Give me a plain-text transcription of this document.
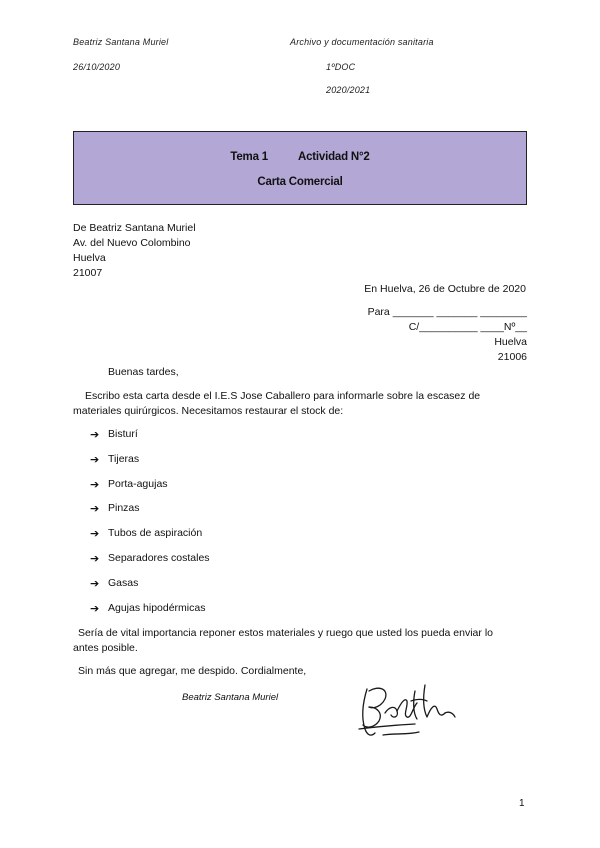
Beatriz Santana Muriel	Archivo y documentación sanitaria
26/10/2020	1ºDOC
2020/2021
Tema 1	Actividad N°2
Carta Comercial
De Beatriz Santana Muriel
Av. del Nuevo Colombino
Huelva
21007
En Huelva, 26 de Octubre de 2020
Para _______ _______ ________
C/__________ ____Nº__
Huelva
21006
Buenas tardes,
Escribo esta carta desde el I.E.S Jose Caballero para informarle sobre la escasez de
materiales quirúrgicos. Necesitamos restaurar el stock de:
➔ Bisturí
➔ Tijeras
➔ Porta-agujas
➔ Pinzas
➔ Tubos de aspiración
➔ Separadores costales
➔ Gasas
➔ Agujas hipodérmicas
Sería de vital importancia reponer estos materiales y ruego que usted los pueda enviar lo
antes posible.
Sin más que agregar, me despido. Cordialmente,
Beatriz Santana Muriel
1
